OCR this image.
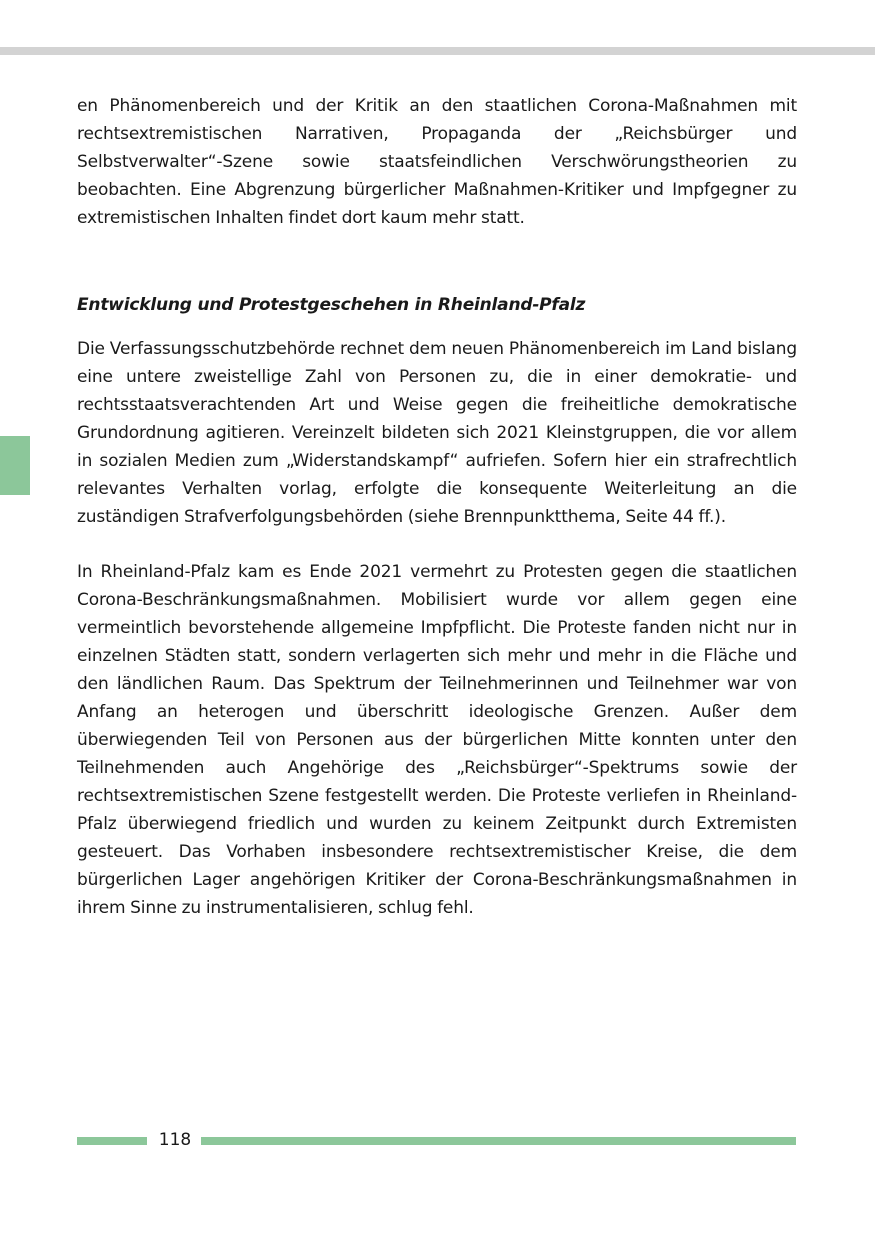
en Phänomenbereich und der Kritik an den staatlichen Corona-Maßnahmen mit rechtsextremistischen Narrativen, Propaganda der „Reichsbürger und Selbstverwalter“-Szene sowie staatsfeindlichen Verschwörungstheorien zu beobachten. Eine Abgrenzung bürgerlicher Maßnahmen-Kritiker und Impfgegner zu extremistischen Inhalten findet dort kaum mehr statt.

Entwicklung und Protestgeschehen in Rheinland-Pfalz

Die Verfassungsschutzbehörde rechnet dem neuen Phänomenbereich im Land bislang eine untere zweistellige Zahl von Personen zu, die in einer demokratie- und rechtsstaatsverachtenden Art und Weise gegen die freiheitliche demokratische Grundordnung agitieren. Vereinzelt bildeten sich 2021 Kleinstgruppen, die vor allem in sozialen Medien zum „Widerstandskampf“ aufriefen. Sofern hier ein strafrechtlich relevantes Verhalten vorlag, erfolgte die konsequente Weiterleitung an die zuständigen Strafverfolgungsbehörden (siehe Brennpunktthema, Seite 44 ff.).

In Rheinland-Pfalz kam es Ende 2021 vermehrt zu Protesten gegen die staatlichen Corona-Beschränkungsmaßnahmen. Mobilisiert wurde vor allem gegen eine vermeintlich bevorstehende allgemeine Impfpflicht. Die Proteste fanden nicht nur in einzelnen Städten statt, sondern verlagerten sich mehr und mehr in die Fläche und den ländlichen Raum. Das Spektrum der Teilnehmerinnen und Teilnehmer war von Anfang an heterogen und überschritt ideologische Grenzen. Außer dem überwiegenden Teil von Personen aus der bürgerlichen Mitte konnten unter den Teilnehmenden auch Angehörige des „Reichsbürger“-Spektrums sowie der rechtsextremistischen Szene festgestellt werden. Die Proteste verliefen in Rheinland-Pfalz überwiegend friedlich und wurden zu keinem Zeitpunkt durch Extremisten gesteuert. Das Vorhaben insbesondere rechtsextremistischer Kreise, die dem bürgerlichen Lager angehörigen Kritiker der Corona-Beschränkungsmaßnahmen in ihrem Sinne zu instrumentalisieren, schlug fehl.

118
